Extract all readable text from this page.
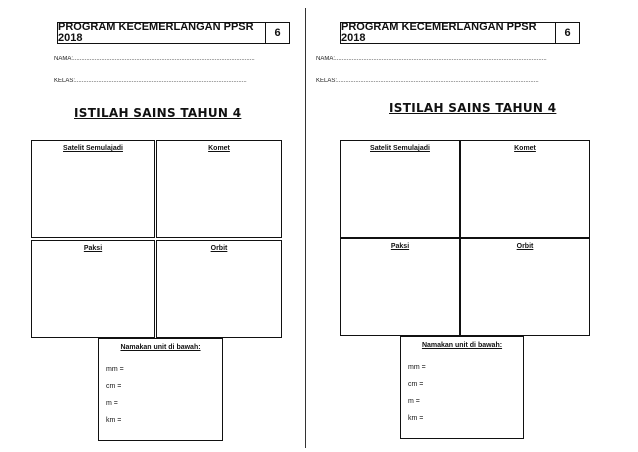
PROGRAM KECEMERLANGAN PPSR 2018	6
NAMA:.............................................................................................................
KELAS:.......................................................................................................
ISTILAH SAINS TAHUN 4
Satelit Semulajadi	Komet
Paksi	Orbit
Namakan unit di bawah:
mm =
cm =
m =
km =
PROGRAM KECEMERLANGAN PPSR 2018	6
NAMA:...............................................................................................................................
KELAS:.........................................................................................................................
ISTILAH SAINS TAHUN 4
Satelit Semulajadi	Komet
Paksi	Orbit
Namakan unit di bawah:
mm =
cm =
m =
km =
